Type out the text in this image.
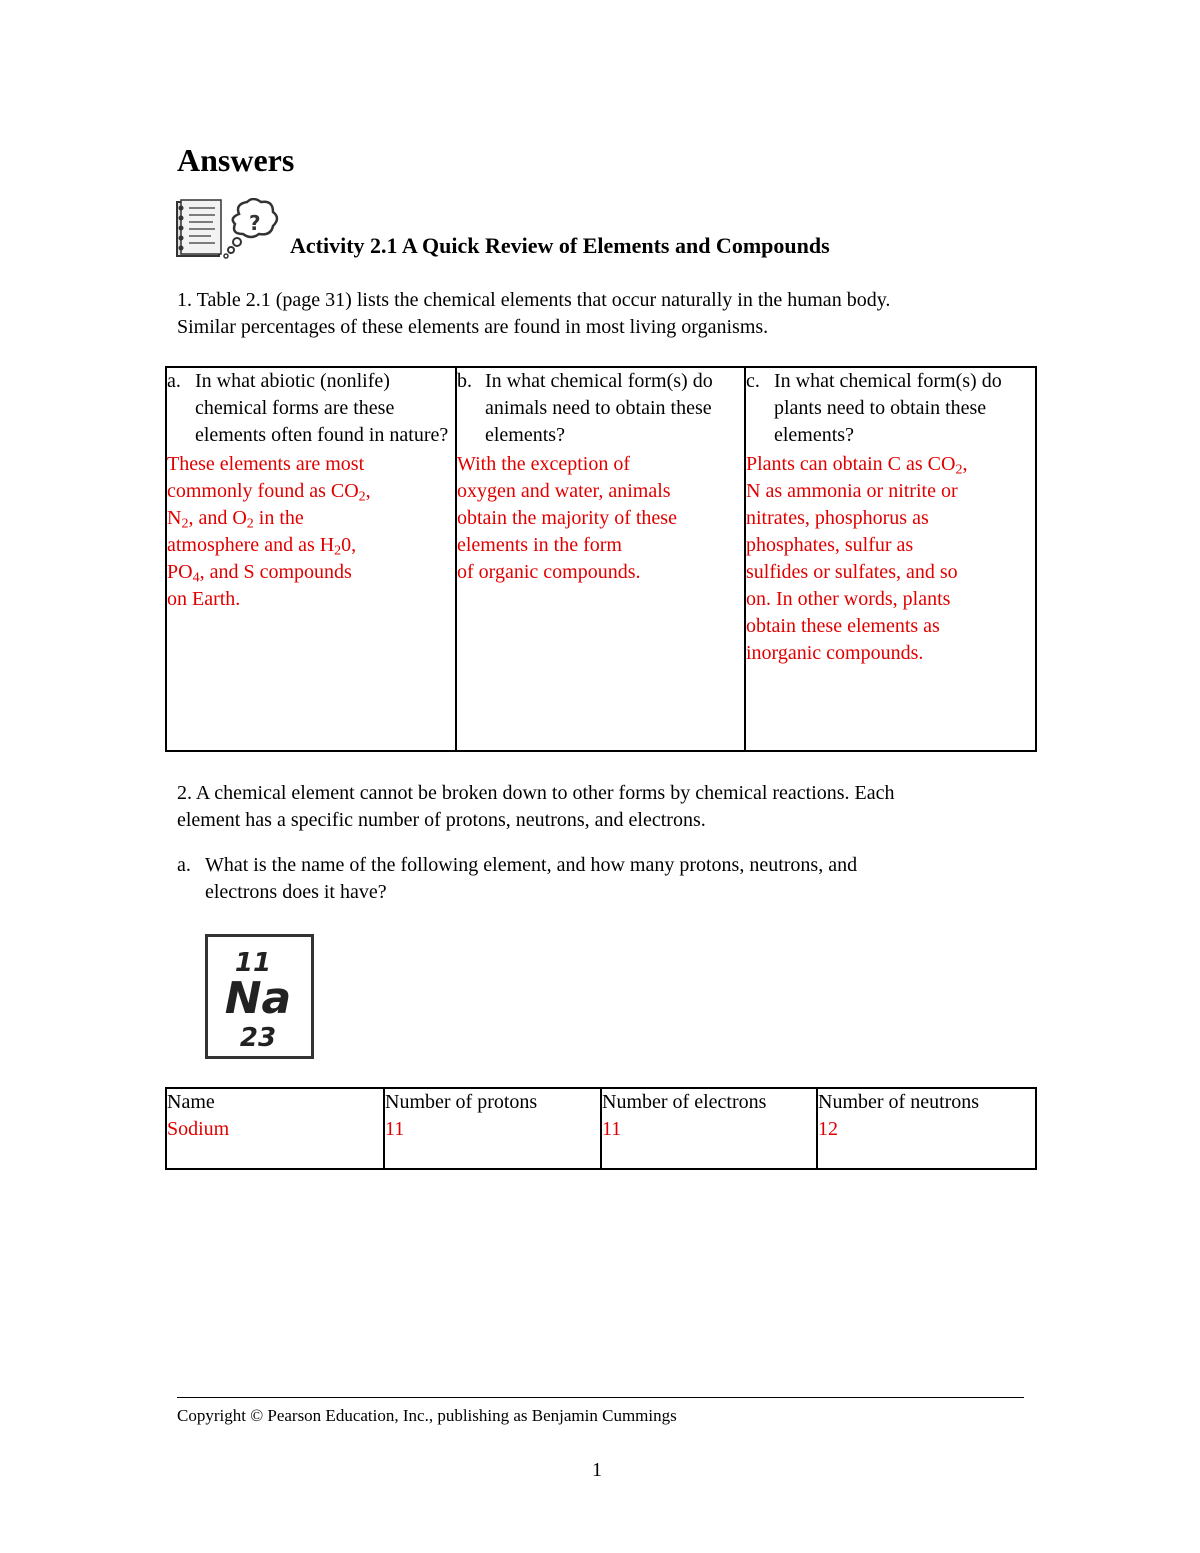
Answers
?
Activity 2.1 A Quick Review of Elements and Compounds
1. Table 2.1 (page 31) lists the chemical elements that occur naturally in the human body.
Similar percentages of these elements are found in most living organisms.
a. In what abiotic (nonlife) chemical forms are these elements often found in nature?
These elements are most
commonly found as $CO_2$,
$N_2$, and $O_2$ in the
atmosphere and as $H_20$,
$PO_4$, and S compounds
on Earth.

b. In what chemical form(s) do animals need to obtain these elements?
With the exception of
oxygen and water, animals
obtain the majority of these
elements in the form
of organic compounds.

c. In what chemical form(s) do plants need to obtain these elements?
Plants can obtain C as $CO_2$,
N as ammonia or nitrite or
nitrates, phosphorus as
phosphates, sulfur as
sulfides or sulfates, and so
on. In other words, plants
obtain these elements as
inorganic compounds.
2. A chemical element cannot be broken down to other forms by chemical reactions. Each
element has a specific number of protons, neutrons, and electrons.
a. What is the name of the following element, and how many protons, neutrons, and
electrons does it have?
11
Na
23
Name
Sodium

Number of protons
11

Number of electrons
11

Number of neutrons
12
Copyright © Pearson Education, Inc., publishing as Benjamin Cummings
1
